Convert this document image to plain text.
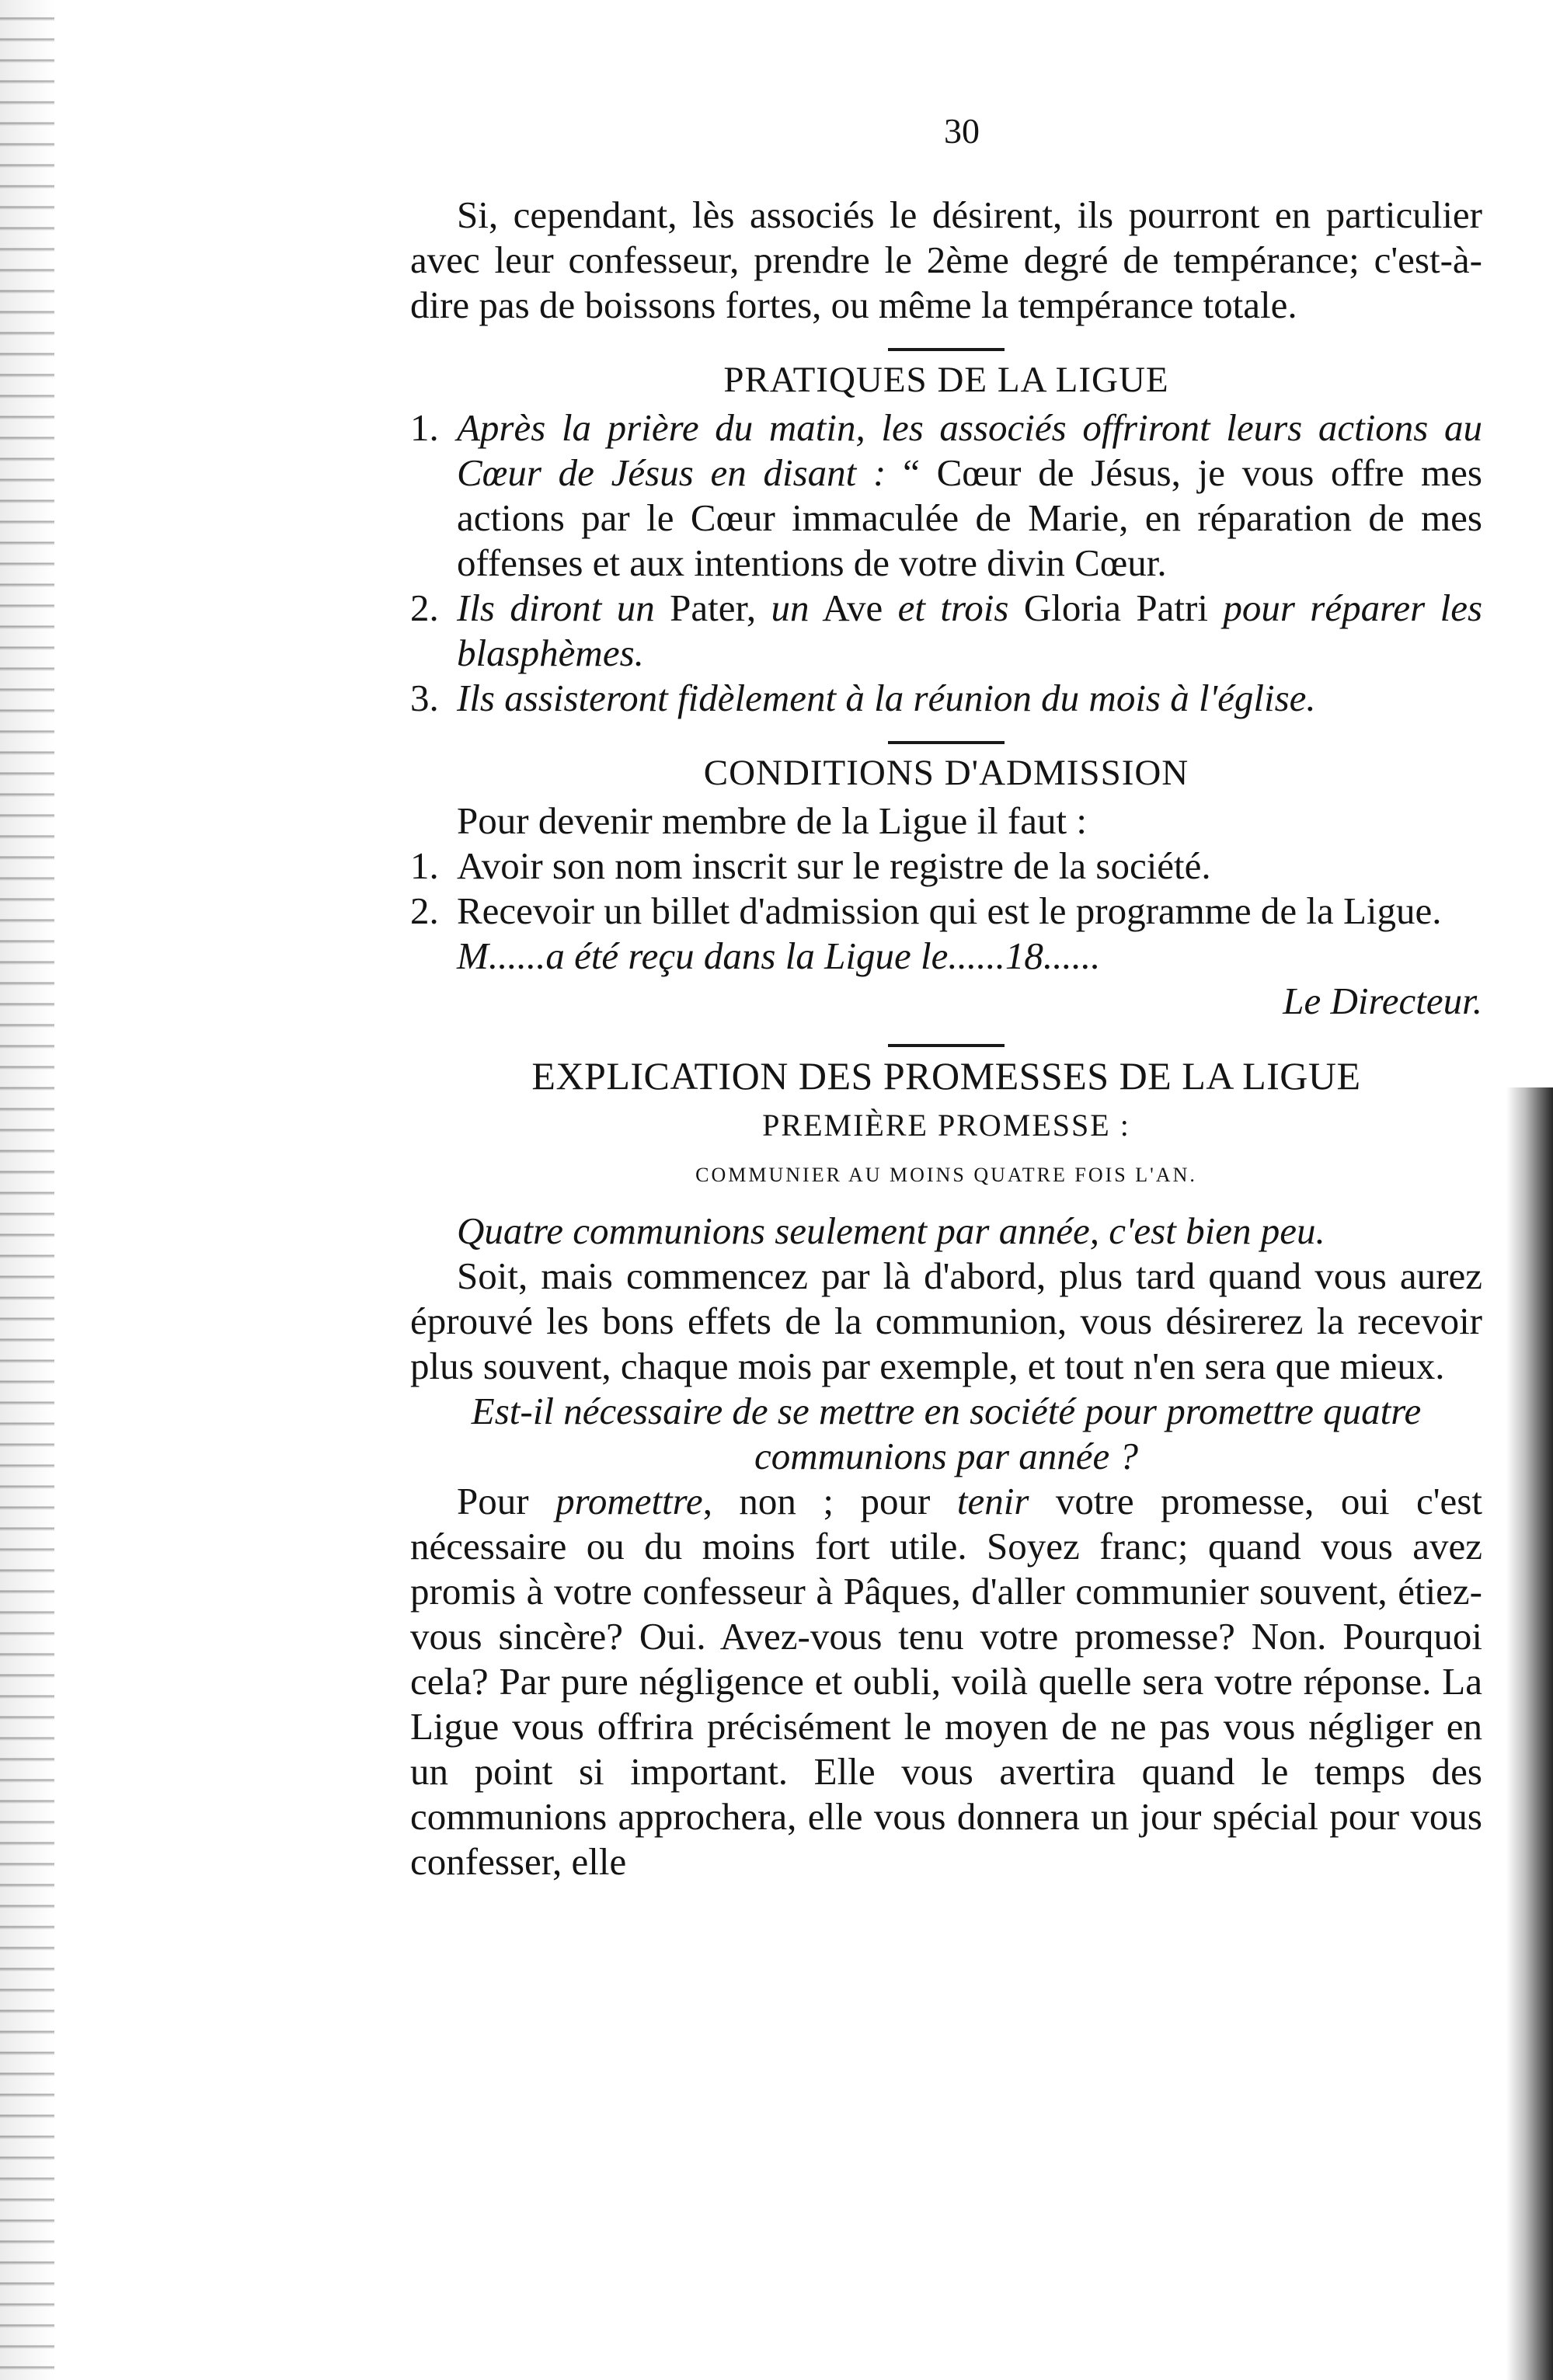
30

Si, cependant, lès associés le désirent, ils pourront en particulier avec leur confesseur, prendre le 2ème degré de tempérance; c'est-à-dire pas de boissons fortes, ou même la tempérance totale.

PRATIQUES DE LA LIGUE
1. Après la prière du matin, les associés offriront leurs actions au Cœur de Jésus en disant : “ Cœur de Jésus, je vous offre mes actions par le Cœur immaculée de Marie, en réparation de mes offenses et aux intentions de votre divin Cœur.
2. Ils diront un Pater, un Ave et trois Gloria Patri pour réparer les blasphèmes.
3. Ils assisteront fidèlement à la réunion du mois à l'église.
CONDITIONS D'ADMISSION

Pour devenir membre de la Ligue il faut :

1. Avoir son nom inscrit sur le registre de la société.
2. Recevoir un billet d'admission qui est le programme de la Ligue.

M......a été reçu dans la Ligue le......18......

Le Directeur.
EXPLICATION DES PROMESSES DE LA LIGUE
PREMIÈRE PROMESSE :
COMMUNIER AU MOINS QUATRE FOIS L'AN.

Quatre communions seulement par année, c'est bien peu.

Soit, mais commencez par là d'abord, plus tard quand vous aurez éprouvé les bons effets de la communion, vous désirerez la recevoir plus souvent, chaque mois par exemple, et tout n'en sera que mieux.

Est-il nécessaire de se mettre en société pour promettre quatre communions par année ?

Pour promettre, non ; pour tenir votre promesse, oui c'est nécessaire ou du moins fort utile. Soyez franc; quand vous avez promis à votre confesseur à Pâques, d'aller communier souvent, étiez-vous sincère? Oui. Avez-vous tenu votre promesse? Non. Pourquoi cela? Par pure négligence et oubli, voilà quelle sera votre réponse. La Ligue vous offrira précisément le moyen de ne pas vous négliger en un point si important. Elle vous avertira quand le temps des communions approchera, elle vous donnera un jour spécial pour vous confesser, elle
